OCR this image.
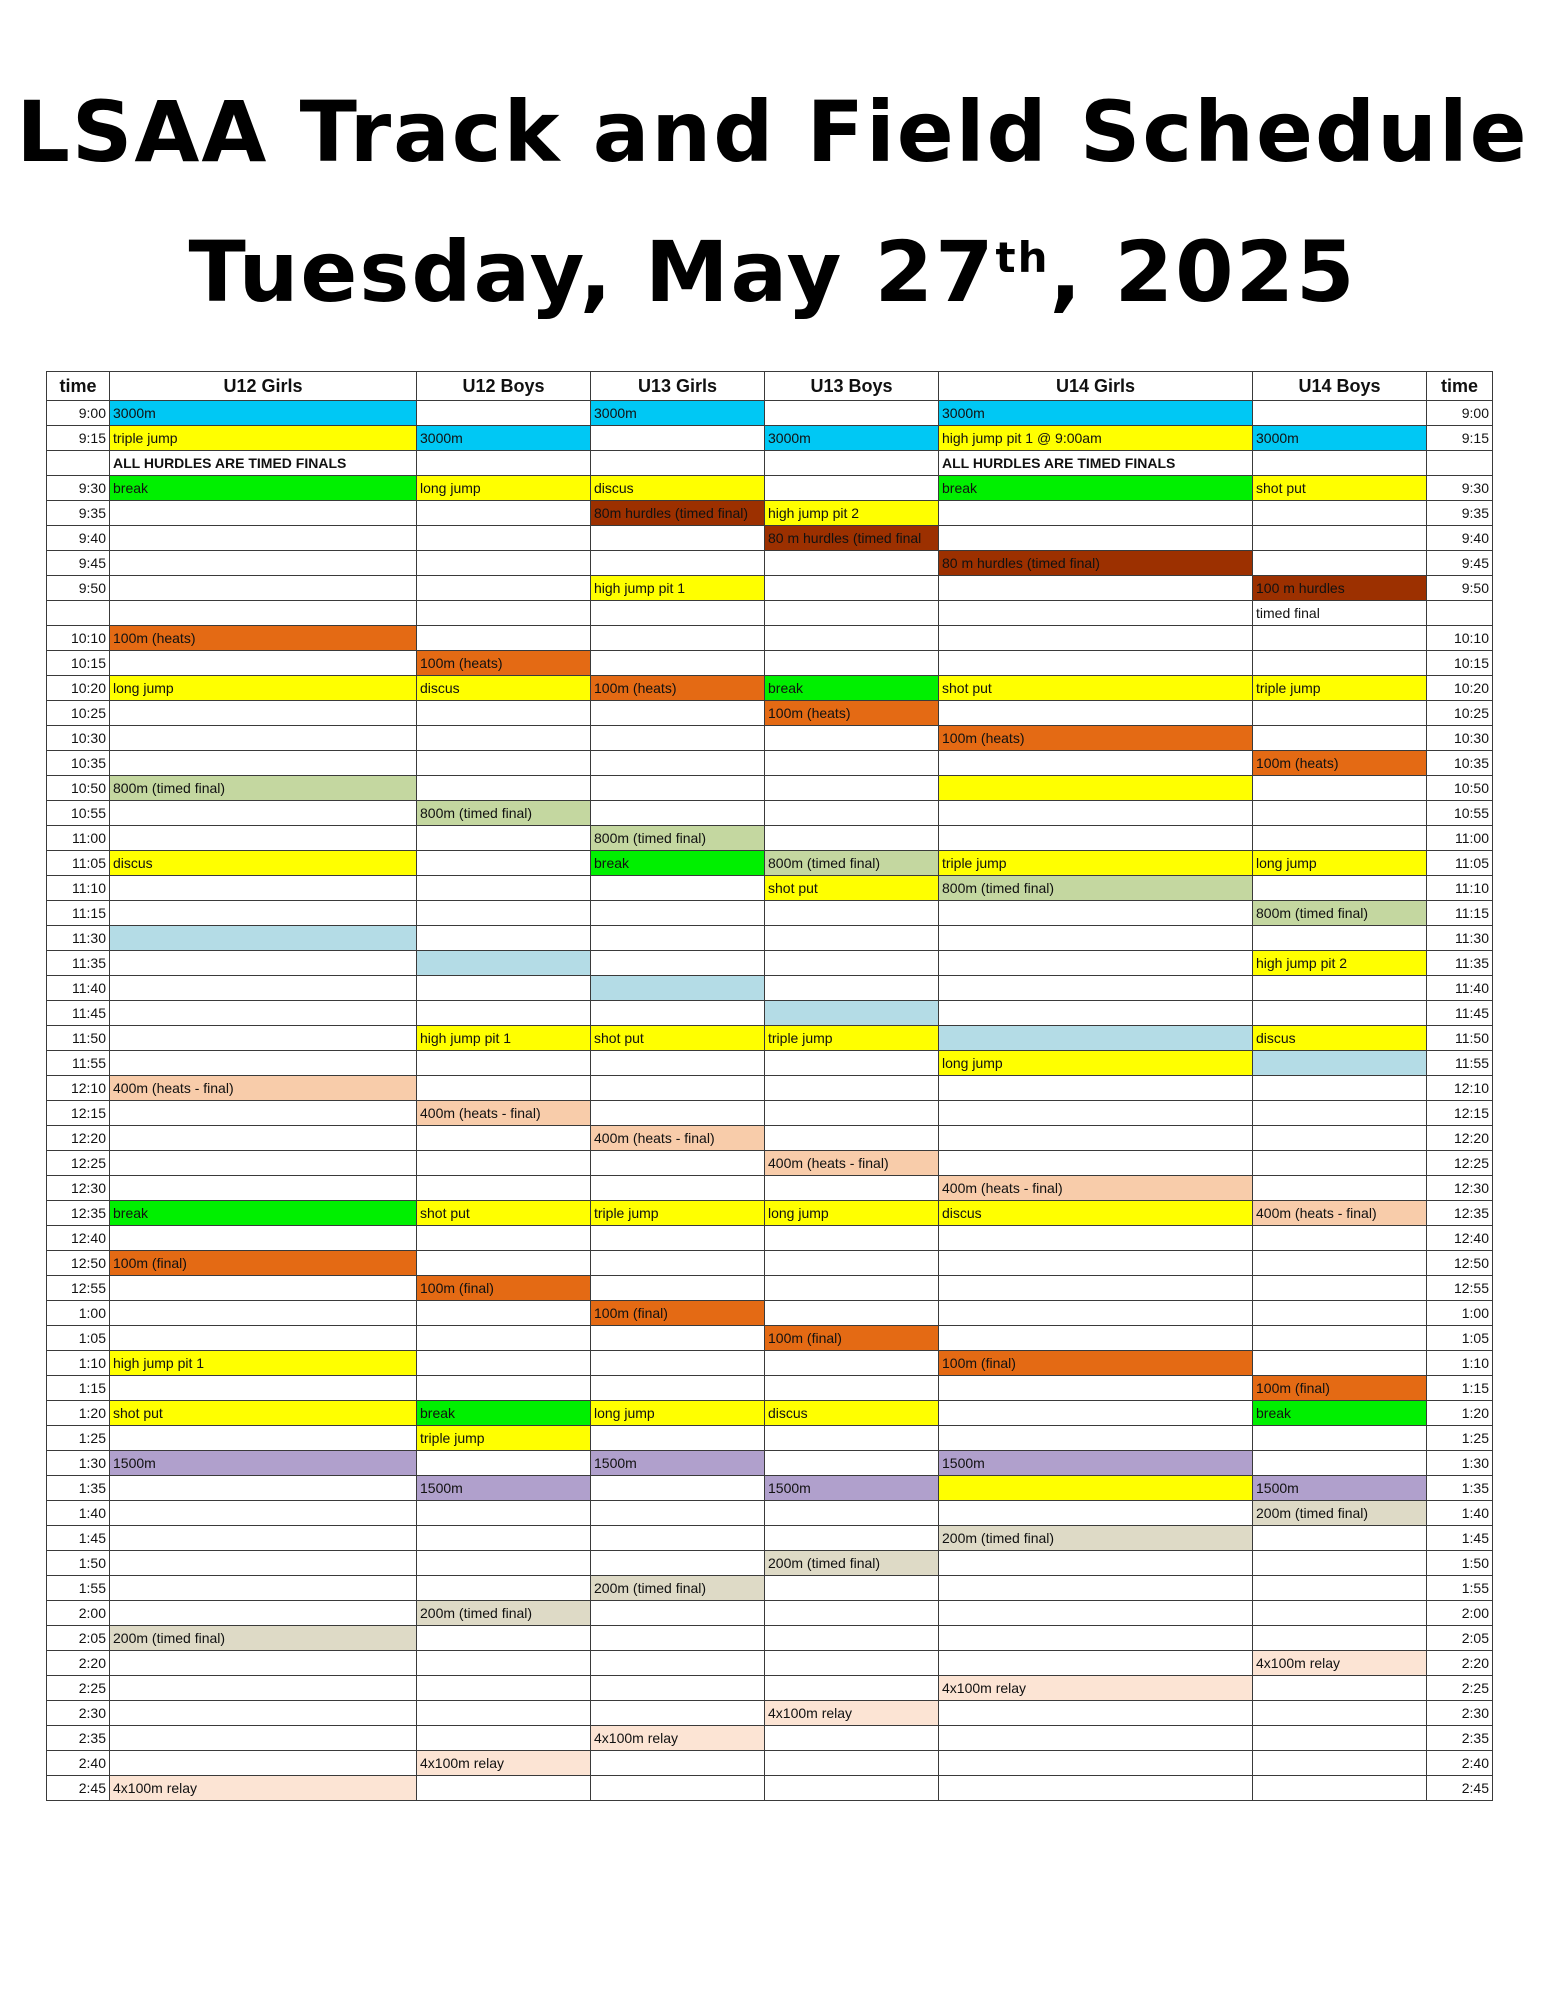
LSAA Track and Field Schedule
Tuesday, May 27th, 2025
time	U12 Girls	U12 Boys	U13 Girls	U13 Boys	U14 Girls	U14 Boys	time
9:00	3000m		3000m		3000m		9:00
9:15	triple jump	3000m		3000m	high jump pit 1 @ 9:00am	3000m	9:15
	ALL HURDLES ARE TIMED FINALS				ALL HURDLES ARE TIMED FINALS		
9:30	break	long jump	discus		break	shot put	9:30
9:35			80m hurdles (timed final)	high jump pit 2			9:35
9:40				80 m hurdles (timed final			9:40
9:45					80 m hurdles (timed final)		9:45
9:50			high jump pit 1			100 m hurdles	9:50
						timed final	
10:10	100m (heats)						10:10
10:15		100m (heats)					10:15
10:20	long jump	discus	100m (heats)	break	shot put	triple jump	10:20
10:25				100m (heats)			10:25
10:30					100m (heats)		10:30
10:35						100m (heats)	10:35
10:50	800m (timed final)						10:50
10:55		800m (timed final)					10:55
11:00			800m (timed final)				11:00
11:05	discus		break	800m (timed final)	triple jump	long jump	11:05
11:10				shot put	800m (timed final)		11:10
11:15						800m (timed final)	11:15
11:30							11:30
11:35						high jump pit 2	11:35
11:40							11:40
11:45							11:45
11:50		high jump pit 1	shot put	triple jump		discus	11:50
11:55					long jump		11:55
12:10	400m (heats - final)						12:10
12:15		400m (heats - final)					12:15
12:20			400m (heats - final)				12:20
12:25				400m (heats - final)			12:25
12:30					400m (heats - final)		12:30
12:35	break	shot put	triple jump	long jump	discus	400m (heats - final)	12:35
12:40							12:40
12:50	100m (final)						12:50
12:55		100m (final)					12:55
1:00			100m (final)				1:00
1:05				100m (final)			1:05
1:10	high jump pit 1				100m (final)		1:10
1:15						100m (final)	1:15
1:20	shot put	break	long jump	discus		break	1:20
1:25		triple jump					1:25
1:30	1500m		1500m		1500m		1:30
1:35		1500m		1500m		1500m	1:35
1:40						200m (timed final)	1:40
1:45					200m (timed final)		1:45
1:50				200m (timed final)			1:50
1:55			200m (timed final)				1:55
2:00		200m (timed final)					2:00
2:05	200m (timed final)						2:05
2:20						4x100m relay	2:20
2:25					4x100m relay		2:25
2:30				4x100m relay			2:30
2:35			4x100m relay				2:35
2:40		4x100m relay					2:40
2:45	4x100m relay						2:45
